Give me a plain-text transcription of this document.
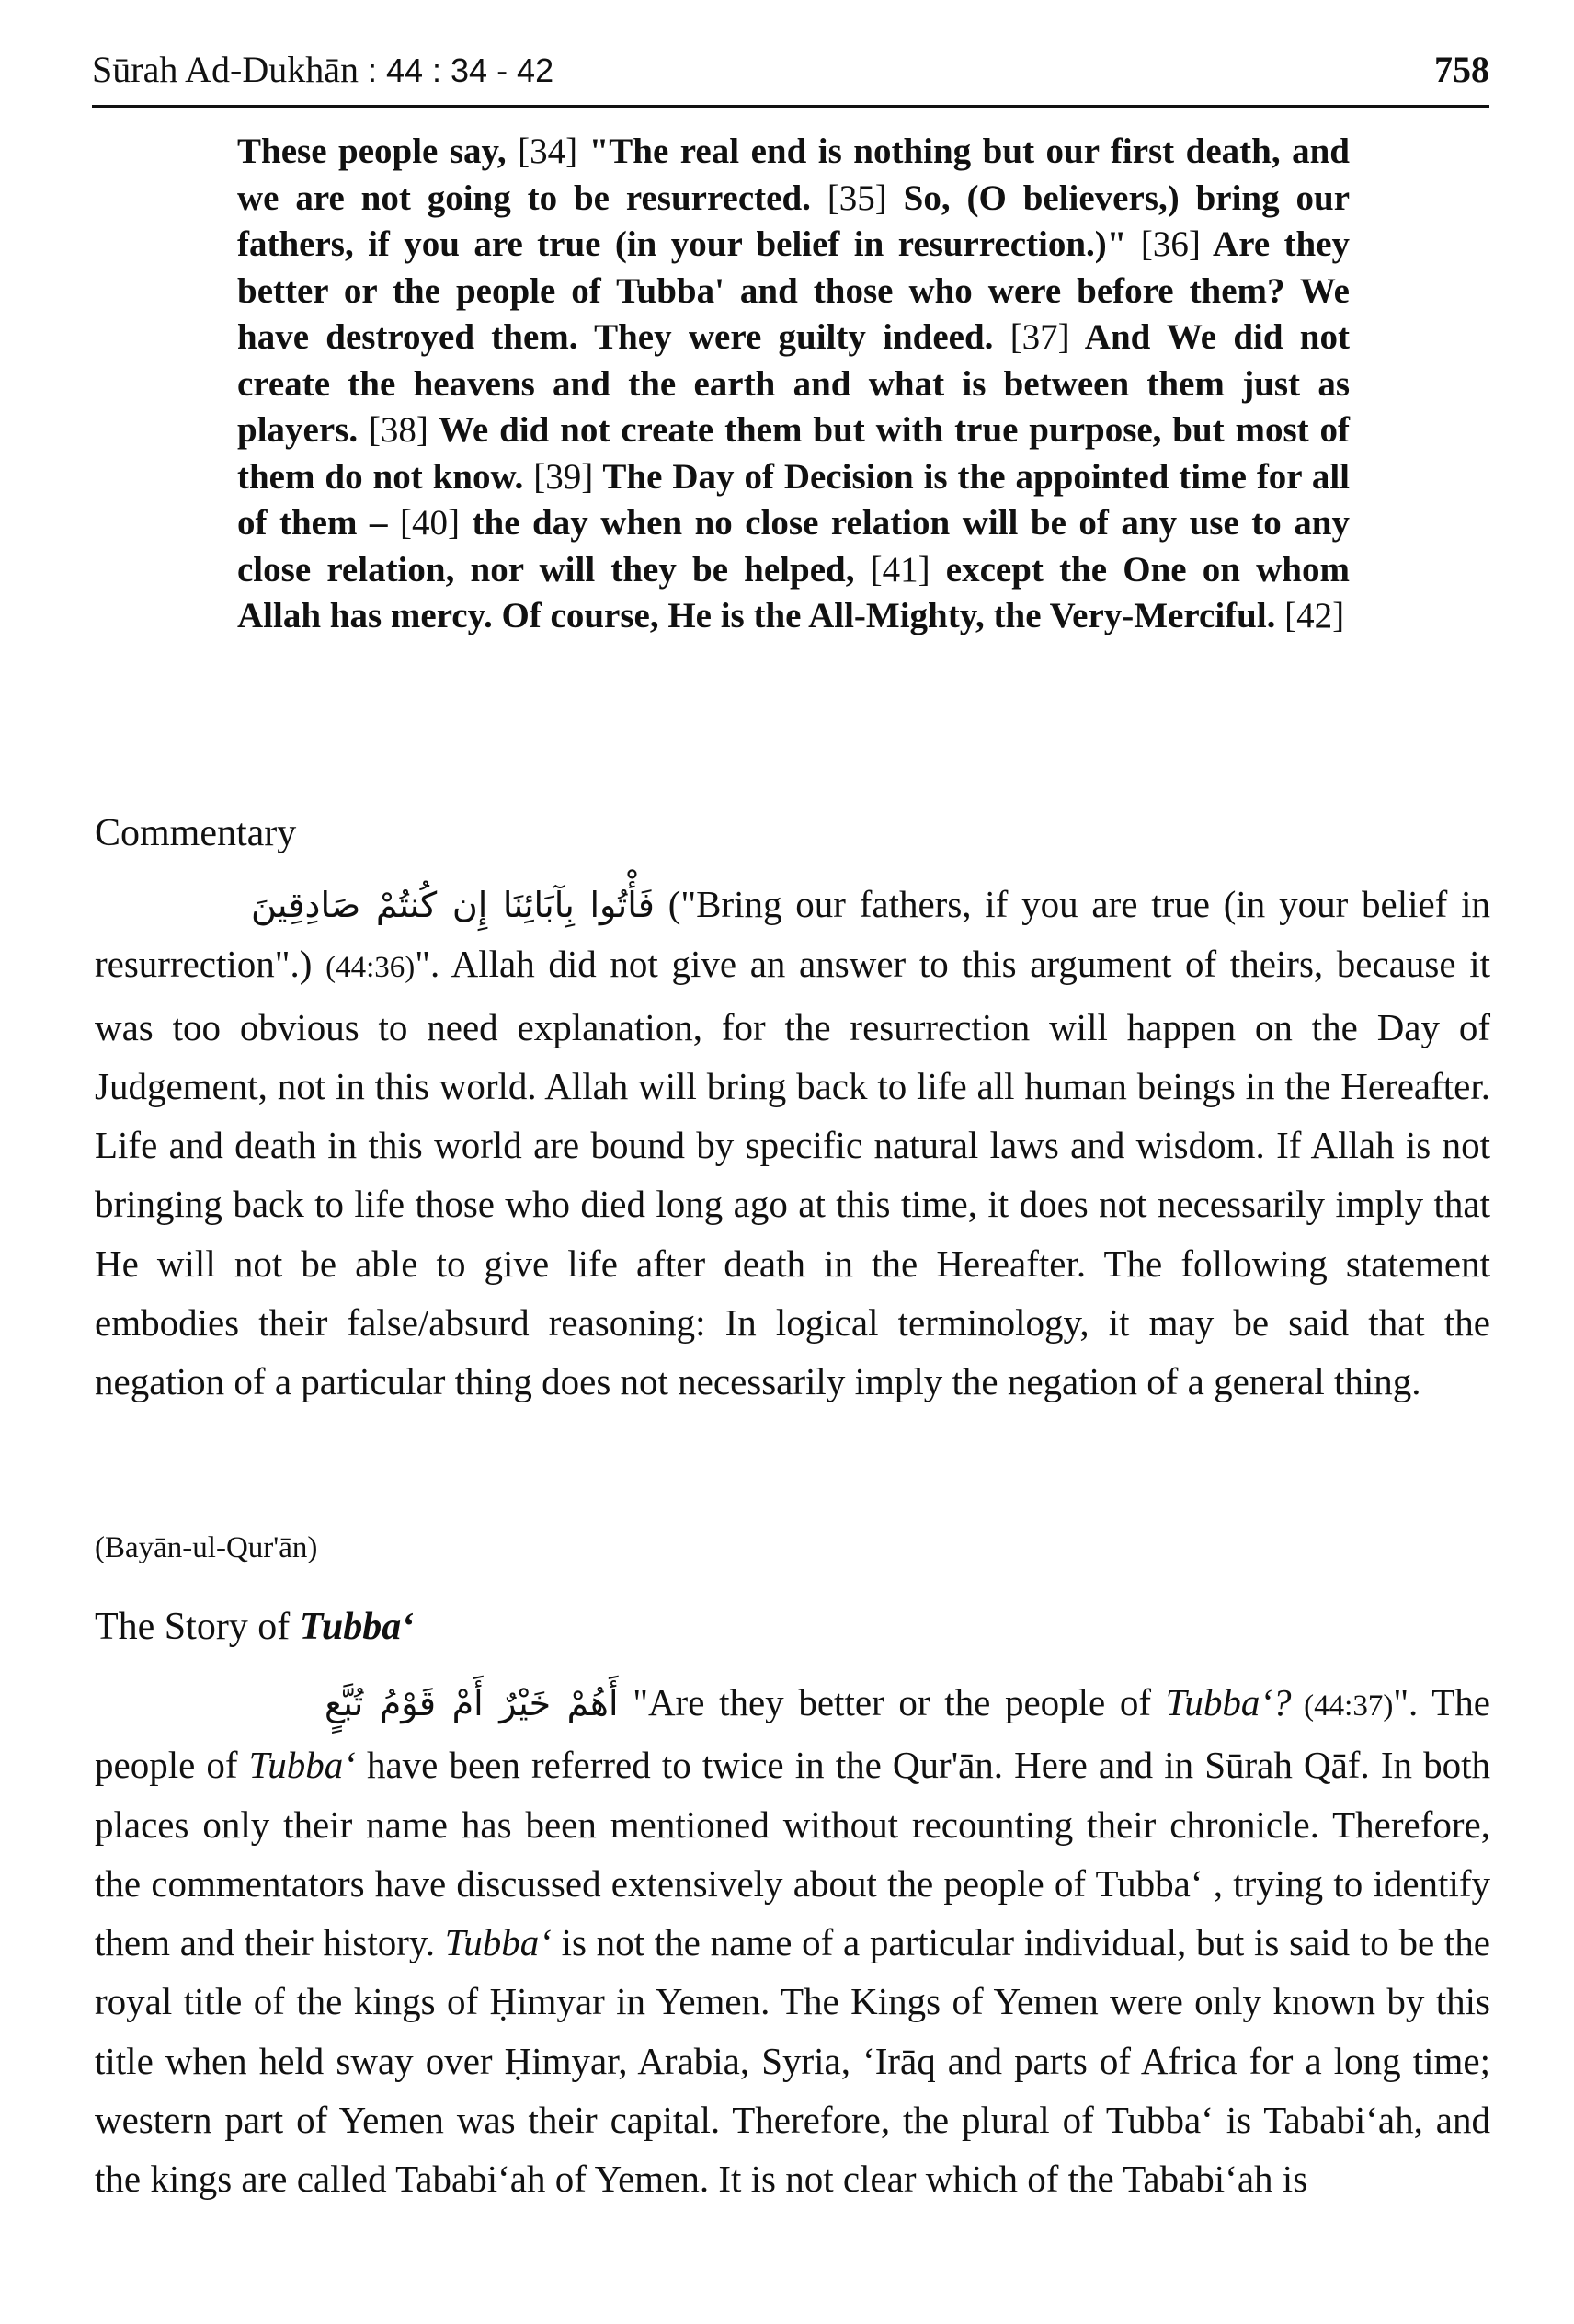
Sūrah Ad-Dukhān : 44 : 34 - 42	758

These people say, [34] "The real end is nothing but our first death, and we are not going to be resurrected. [35] So, (O believers,) bring our fathers, if you are true (in your belief in resurrection.)" [36] Are they better or the people of Tubba' and those who were before them? We have destroyed them. They were guilty indeed. [37] And We did not create the heavens and the earth and what is between them just as players. [38] We did not create them but with true purpose, but most of them do not know. [39] The Day of Decision is the appointed time for all of them – [40] the day when no close relation will be of any use to any close relation, nor will they be helped, [41] except the One on whom Allah has mercy. Of course, He is the All-Mighty, the Very-Merciful. [42]

Commentary

فَأْتُوا بِآبَائِنَا إِن كُنتُمْ صَادِقِينَ ("Bring our fathers, if you are true (in your belief in resurrection".) (44:36)". Allah did not give an answer to this argument of theirs, because it was too obvious to need explanation, for the resurrection will happen on the Day of Judgement, not in this world. Allah will bring back to life all human beings in the Hereafter. Life and death in this world are bound by specific natural laws and wisdom. If Allah is not bringing back to life those who died long ago at this time, it does not necessarily imply that He will not be able to give life after death in the Hereafter. The following statement embodies their false/absurd reasoning: In logical terminology, it may be said that the negation of a particular thing does not necessarily imply the negation of a general thing.

(Bayān-ul-Qur'ān)
The Story of Tubba‘

أَهُمْ خَيْرٌ أَمْ قَوْمُ تُبَّعٍ "Are they better or the people of Tubba‘? (44:37)". The people of Tubba‘ have been referred to twice in the Qur'ān. Here and in Sūrah Qāf. In both places only their name has been mentioned without recounting their chronicle. Therefore, the commentators have discussed extensively about the people of Tubba‘ , trying to identify them and their history. Tubba‘ is not the name of a particular individual, but is said to be the royal title of the kings of Ḥimyar in Yemen. The Kings of Yemen were only known by this title when held sway over Ḥimyar, Arabia, Syria, ‘Irāq and parts of Africa for a long time; western part of Yemen was their capital. Therefore, the plural of Tubba‘ is Tababi‘ah, and the kings are called Tababi‘ah of Yemen. It is not clear which of the Tababi‘ah is
